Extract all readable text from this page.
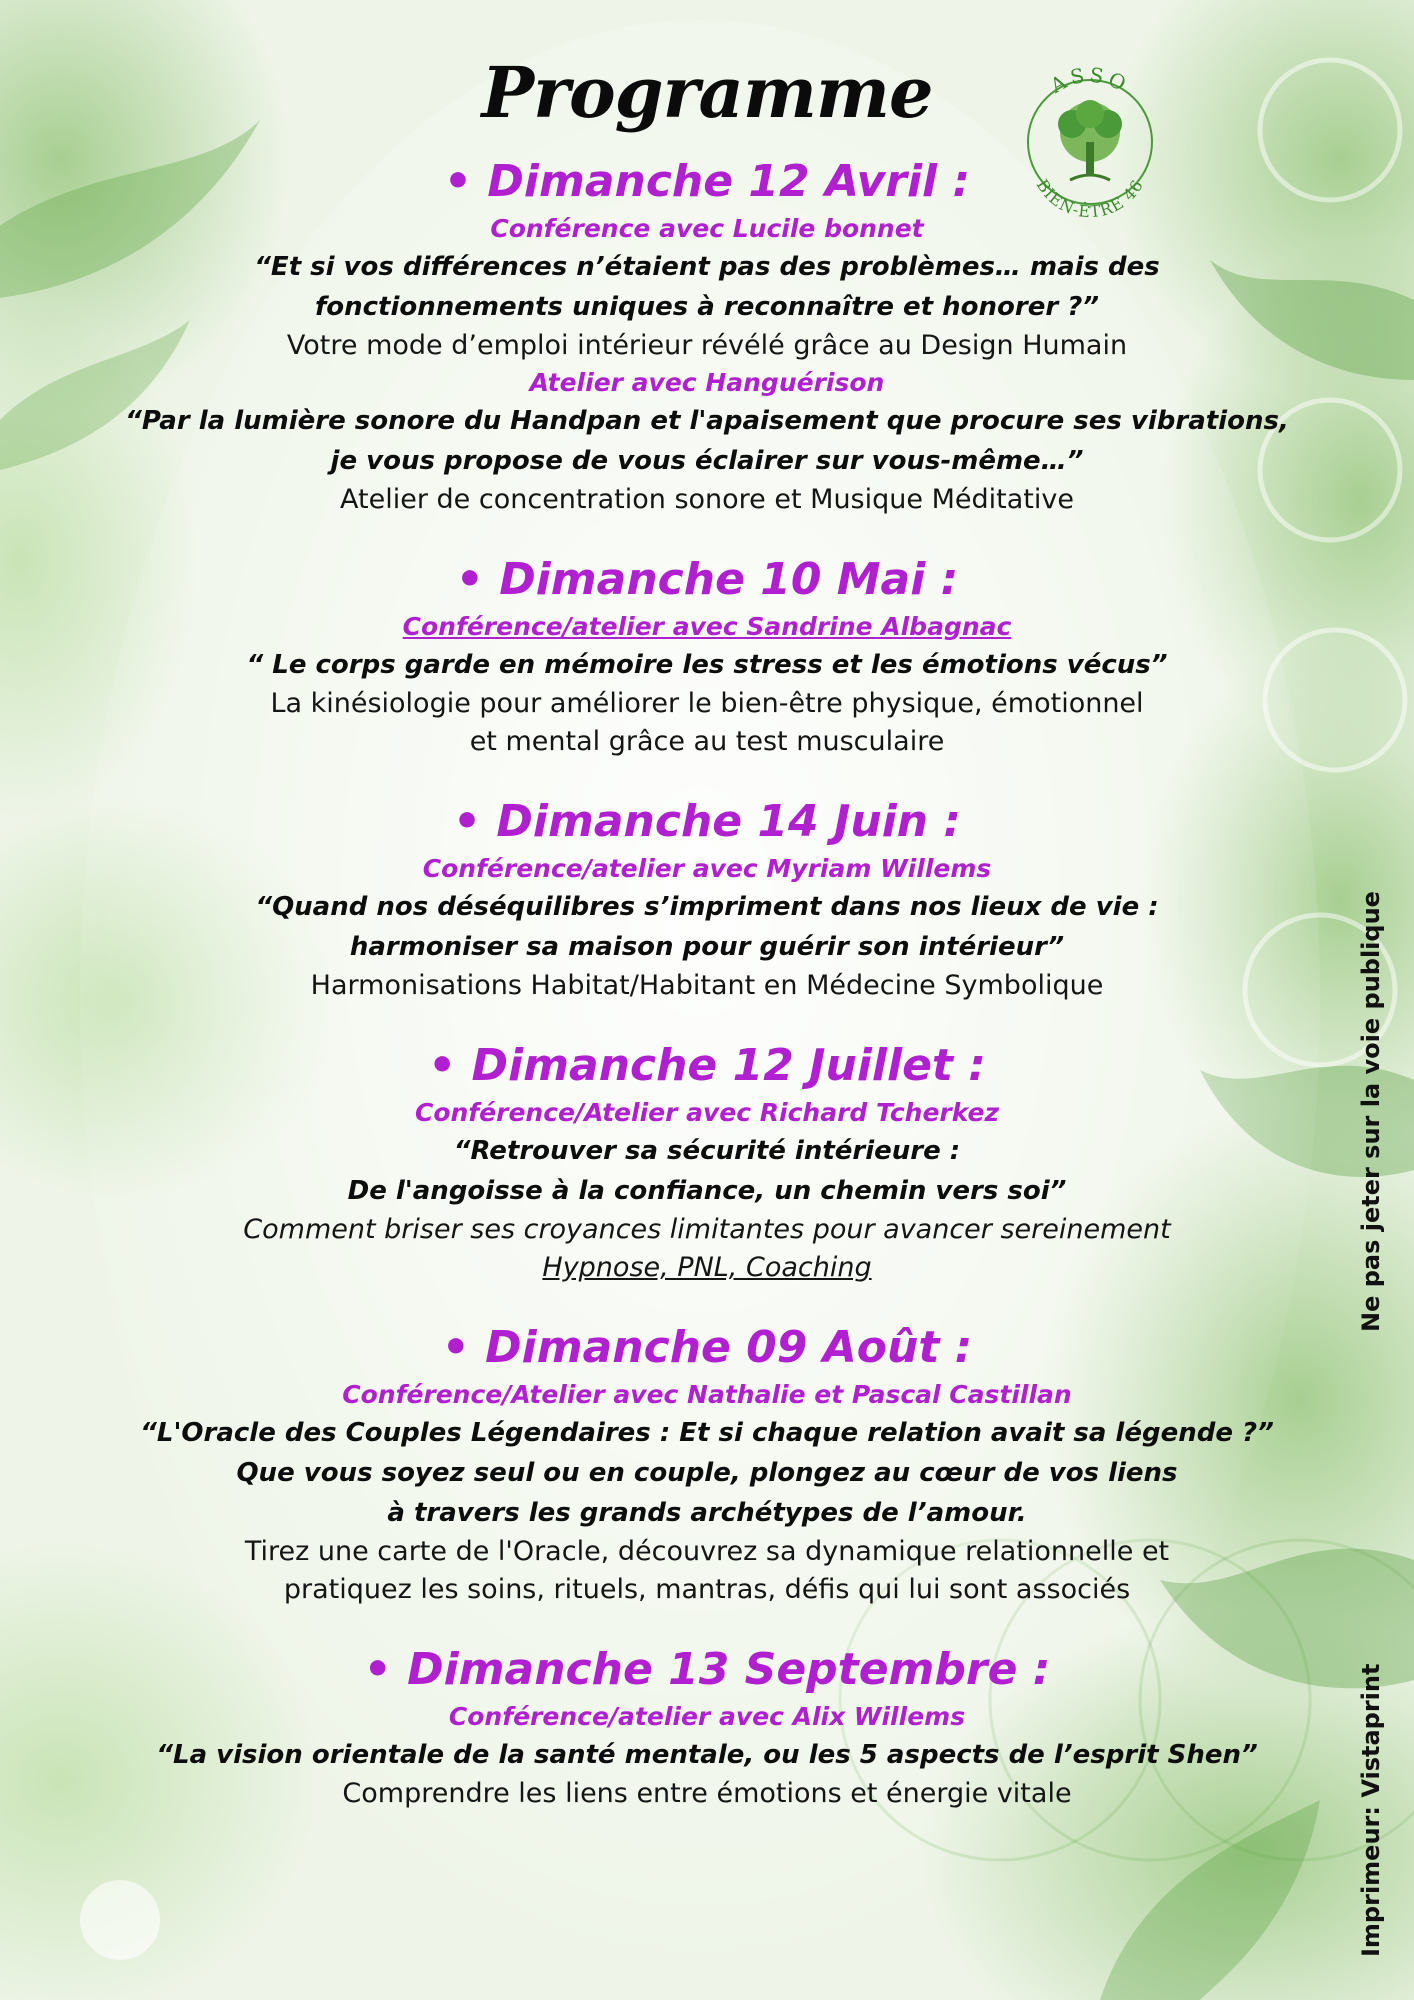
ASSO
BIEN-ÊTRE 46
Programme
• Dimanche 12 Avril :
Conférence avec Lucile bonnet
“Et si vos différences n’étaient pas des problèmes… mais des
fonctionnements uniques à reconnaître et honorer ?”
Votre mode d’emploi intérieur révélé grâce au Design Humain
Atelier avec Hanguérison
“Par la lumière sonore du Handpan et l'apaisement que procure ses vibrations,
je vous propose de vous éclairer sur vous-même…”
Atelier de concentration sonore et Musique Méditative
• Dimanche 10 Mai :
Conférence/atelier avec Sandrine Albagnac
“ Le corps garde en mémoire les stress et les émotions vécus”
La kinésiologie pour améliorer le bien-être physique, émotionnel
et mental grâce au test musculaire
• Dimanche 14 Juin :
Conférence/atelier avec Myriam Willems
“Quand nos déséquilibres s’impriment dans nos lieux de vie :
harmoniser sa maison pour guérir son intérieur”
Harmonisations Habitat/Habitant en Médecine Symbolique
• Dimanche 12 Juillet :
Conférence/Atelier avec Richard Tcherkez
“Retrouver sa sécurité intérieure :
De l'angoisse à la confiance, un chemin vers soi”
Comment briser ses croyances limitantes pour avancer sereinement
Hypnose, PNL, Coaching
• Dimanche 09 Août :
Conférence/Atelier avec Nathalie et Pascal Castillan
“L'Oracle des Couples Légendaires : Et si chaque relation avait sa légende ?”
Que vous soyez seul ou en couple, plongez au cœur de vos liens
à travers les grands archétypes de l’amour.
Tirez une carte de l'Oracle, découvrez sa dynamique relationnelle et
pratiquez les soins, rituels, mantras, défis qui lui sont associés
• Dimanche 13 Septembre :
Conférence/atelier avec Alix Willems
“La vision orientale de la santé mentale, ou les 5 aspects de l’esprit Shen”
Comprendre les liens entre émotions et énergie vitale
Ne pas jeter sur la voie publique
Imprimeur: Vistaprint
